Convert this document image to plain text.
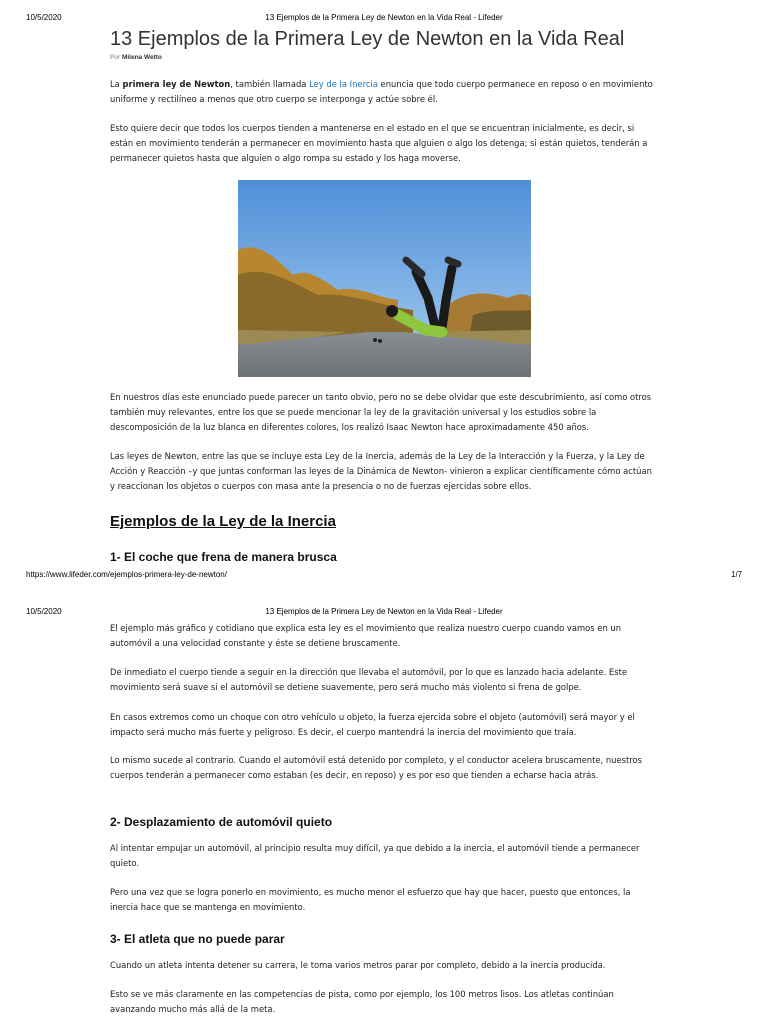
10/5/2020	13 Ejemplos de la Primera Ley de Newton en la Vida Real - Lifeder
13 Ejemplos de la Primera Ley de Newton en la Vida Real
Por Milena Wetto

La primera ley de Newton, también llamada Ley de la Inercia enuncia que todo cuerpo permanece en reposo o en movimiento uniforme y rectilíneo a menos que otro cuerpo se interponga y actúe sobre él.

Esto quiere decir que todos los cuerpos tienden a mantenerse en el estado en el que se encuentran inicialmente, es decir, si están en movimiento tenderán a permanecer en movimiento hasta que alguien o algo los detenga; si están quietos, tenderán a permanecer quietos hasta que alguien o algo rompa su estado y los haga moverse.

En nuestros días este enunciado puede parecer un tanto obvio, pero no se debe olvidar que este descubrimiento, así como otros también muy relevantes, entre los que se puede mencionar la ley de la gravitación universal y los estudios sobre la descomposición de la luz blanca en diferentes colores, los realizó Isaac Newton hace aproximadamente 450 años.

Las leyes de Newton, entre las que se incluye esta Ley de la Inercia, además de la Ley de la Interacción y la Fuerza, y la Ley de Acción y Reacción –y que juntas conforman las leyes de la Dinámica de Newton- vinieron a explicar científicamente cómo actúan y reaccionan los objetos o cuerpos con masa ante la presencia o no de fuerzas ejercidas sobre ellos.

Ejemplos de la Ley de la Inercia
1- El coche que frena de manera brusca
https://www.lifeder.com/ejemplos-primera-ley-de-newton/	1/7
10/5/2020	13 Ejemplos de la Primera Ley de Newton en la Vida Real - Lifeder

El ejemplo más gráfico y cotidiano que explica esta ley es el movimiento que realiza nuestro cuerpo cuando vamos en un automóvil a una velocidad constante y éste se detiene bruscamente.

De inmediato el cuerpo tiende a seguir en la dirección que llevaba el automóvil, por lo que es lanzado hacia adelante. Este movimiento será suave si el automóvil se detiene suavemente, pero será mucho más violento si frena de golpe.

En casos extremos como un choque con otro vehículo u objeto, la fuerza ejercida sobre el objeto (automóvil) será mayor y el impacto será mucho más fuerte y peligroso. Es decir, el cuerpo mantendrá la inercia del movimiento que traía.

Lo mismo sucede al contrario. Cuando el automóvil está detenido por completo, y el conductor acelera bruscamente, nuestros cuerpos tenderán a permanecer como estaban (es decir, en reposo) y es por eso que tienden a echarse hacia atrás.

2- Desplazamiento de automóvil quieto

Al intentar empujar un automóvil, al principio resulta muy difícil, ya que debido a la inercia, el automóvil tiende a permanecer quieto.

Pero una vez que se logra ponerlo en movimiento, es mucho menor el esfuerzo que hay que hacer, puesto que entonces, la inercia hace que se mantenga en movimiento.

3- El atleta que no puede parar

Cuando un atleta intenta detener su carrera, le toma varios metros parar por completo, debido a la inercia producida.

Esto se ve más claramente en las competencias de pista, como por ejemplo, los 100 metros lisos. Los atletas continúan avanzando mucho más allá de la meta.
